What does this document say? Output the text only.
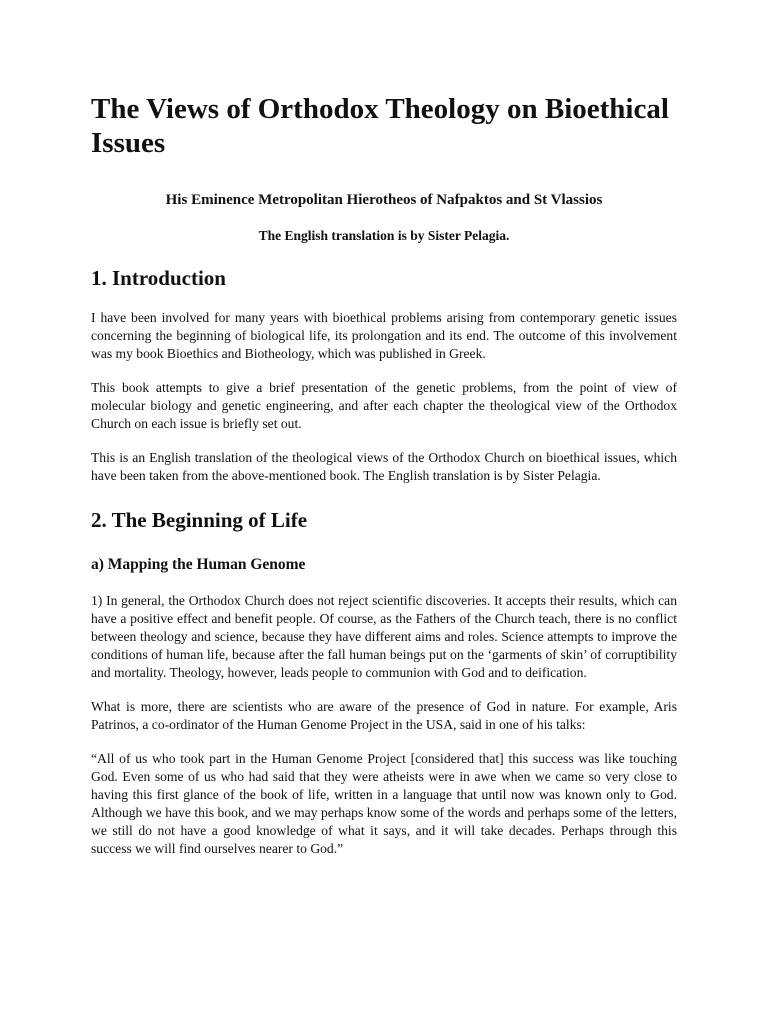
The Views of Orthodox Theology on Bioethical Issues
His Eminence Metropolitan Hierotheos of Nafpaktos and St Vlassios
The English translation is by Sister Pelagia.
1. Introduction

I have been involved for many years with bioethical problems arising from contemporary genetic issues concerning the beginning of biological life, its prolongation and its end. The outcome of this involvement was my book Bioethics and Biotheology, which was published in Greek.

This book attempts to give a brief presentation of the genetic problems, from the point of view of molecular biology and genetic engineering, and after each chapter the theological view of the Orthodox Church on each issue is briefly set out.

This is an English translation of the theological views of the Orthodox Church on bioethical issues, which have been taken from the above-mentioned book. The English translation is by Sister Pelagia.

2. The Beginning of Life
a) Mapping the Human Genome

1) In general, the Orthodox Church does not reject scientific discoveries. It accepts their results, which can have a positive effect and benefit people. Of course, as the Fathers of the Church teach, there is no conflict between theology and science, because they have different aims and roles. Science attempts to improve the conditions of human life, because after the fall human beings put on the ‘garments of skin’ of corruptibility and mortality. Theology, however, leads people to communion with God and to deification.

What is more, there are scientists who are aware of the presence of God in nature. For example, Aris Patrinos, a co-ordinator of the Human Genome Project in the USA, said in one of his talks:

“All of us who took part in the Human Genome Project [considered that] this success was like touching God. Even some of us who had said that they were atheists were in awe when we came so very close to having this first glance of the book of life, written in a language that until now was known only to God. Although we have this book, and we may perhaps know some of the words and perhaps some of the letters, we still do not have a good knowledge of what it says, and it will take decades. Perhaps through this success we will find ourselves nearer to God.”
